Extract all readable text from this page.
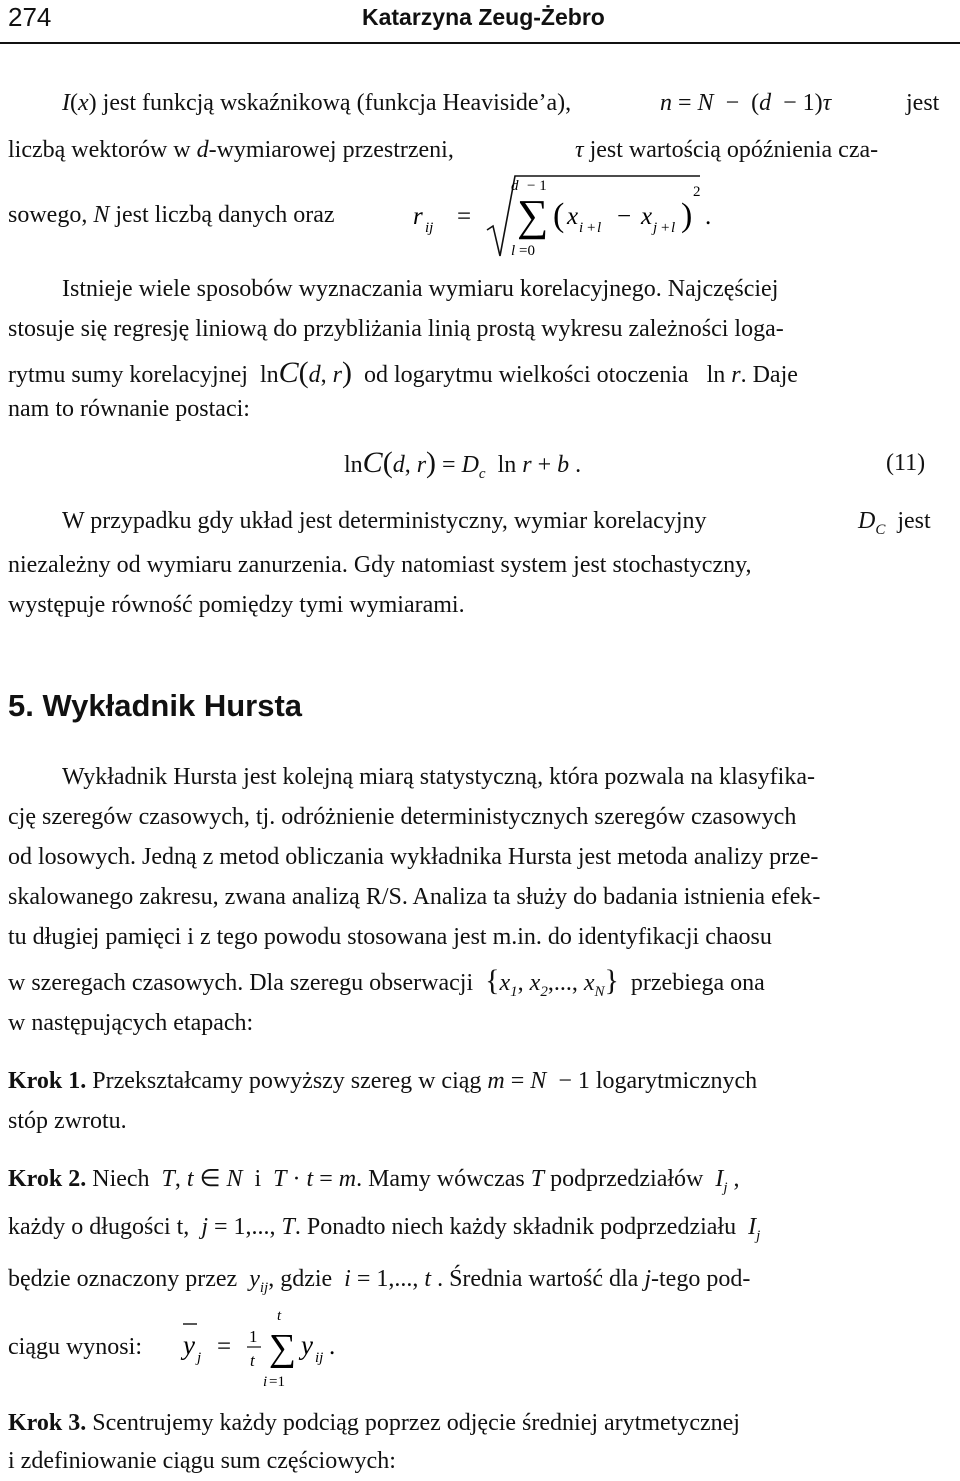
274	Katarzyna Zeug-Żebro
I(x) jest funkcją wskaźnikową (funkcja Heaviside’a),	n = N  −  (d  − 1)τ	jest
liczbą wektorów w d-wymiarowej przestrzeni,	τ jest wartością opóźnienia cza-
sowego, N jest liczbą danych oraz	r ij =
d − 1
∑
l =0
( x i + l − x j + l )
2
.
Istnieje wiele sposobów wyznaczania wymiaru korelacyjnego. Najczęściej
stosuje się regresję liniową do przybliżania linią prostą wykresu zależności loga-
rytmu sumy korelacyjnej  lnC(d, r) od logarytmu wielkości otoczenia   ln r. Daje
nam to równanie postaci:
lnC(d, $r) = D_c$  ln r + b .	(11)
W przypadku gdy układ jest deterministyczny, wymiar korelacyjny	$D_C$ jest
niezależny od wymiaru zanurzenia. Gdy natomiast system jest stochastyczny,
występuje równość pomiędzy tymi wymiarami.
5. Wykładnik Hursta
Wykładnik Hursta jest kolejną miarą statystyczną, która pozwala na klasyfika-
cję szeregów czasowych, tj. odróżnienie deterministycznych szeregów czasowych
od losowych. Jedną z metod obliczania wykładnika Hursta jest metoda analizy prze-
skalowanego zakresu, zwana analizą R/S. Analiza ta służy do badania istnienia efek-
tu długiej pamięci i z tego powodu stosowana jest m.in. do identyfikacji chaosu
w szeregach czasowych. Dla szeregu obserwacji {$x_1$, $x_2$,..., $x_N$} przebiega ona
w następujących etapach:
Krok 1. Przekształcamy powyższy szereg w ciąg m = N  − 1 logarytmicznych
stóp zwrotu.
Krok 2. Niech T, t ∈ N i T · t = m. Mamy wówczas T podprzedziałów $I_j$ ,
każdy o długości t, j = 1,..., T. Ponadto niech każdy składnik podprzedziału $I_j$
będzie oznaczony przez $y_{ij}$, gdzie i = 1,..., t . Średnia wartość dla j-tego pod-
ciągu wynosi: y j = 1
t
t
∑
i =1
y ij .
Krok 3. Scentrujemy każdy podciąg poprzez odjęcie średniej arytmetycznej
i zdefiniowanie ciągu sum częściowych:
